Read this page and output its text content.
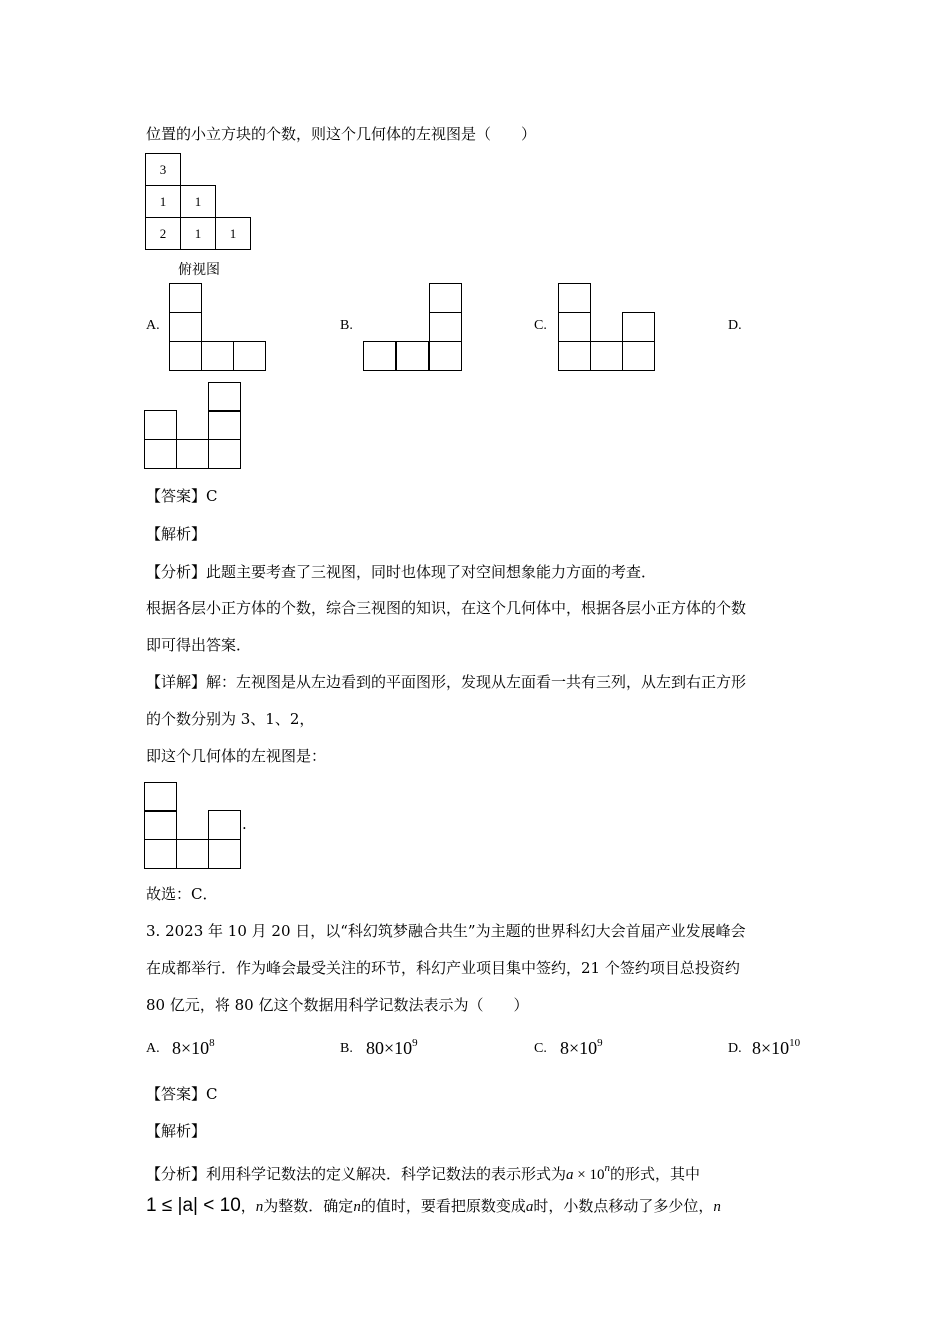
位置的小立方块的个数，则这个几何体的左视图是（　　）
3
1	1
2	1	1
俯视图
A.	B.	C.	D.
【答案】C
【解析】
【分析】此题主要考查了三视图，同时也体现了对空间想象能力方面的考查．
根据各层小正方体的个数，综合三视图的知识，在这个几何体中，根据各层小正方体的个数
即可得出答案．
【详解】解：左视图是从左边看到的平面图形，发现从左面看一共有三列，从左到右正方形
的个数分别为 3、1、2，
即这个几何体的左视图是：
.
故选：C．
3. 2023 年 10 月 20 日，以“科幻筑梦融合共生”为主题的世界科幻大会首届产业发展峰会
在成都举行．作为峰会最受关注的环节，科幻产业项目集中签约，21 个签约项目总投资约
80 亿元，将 80 亿这个数据用科学记数法表示为（　　）
A. $8\times 10^8$	B. $80\times 10^9$	C. $8\times 10^9$	D. $8\times 10^{10}$
【答案】C
【解析】
【分析】利用科学记数法的定义解决．科学记数法的表示形式为$a \times 10^n$的形式，其中
1 ≤ |a| < 10，n为整数．确定n的值时，要看把原数变成a时，小数点移动了多少位，n
